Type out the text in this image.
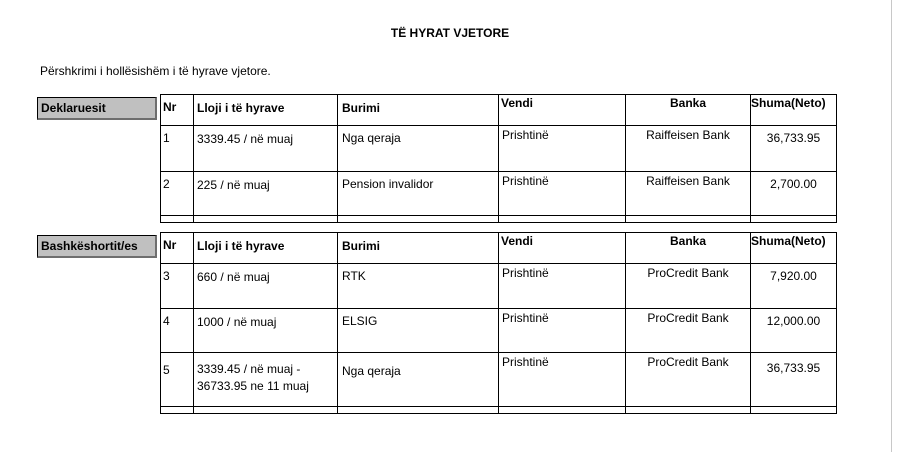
TË HYRAT VJETORE
Përshkrimi i hollësishëm i të hyrave vjetore.
Deklaruesit	Nr	Lloji i të hyrave	Burimi	Vendi	Banka	Shuma(Neto)
1	3339.45 / në muaj	Nga qeraja	Prishtinë	Raiffeisen Bank	36,733.95
2	225 / në muaj	Pension invalidor	Prishtinë	Raiffeisen Bank	2,700.00

Bashkëshortit/es	Nr	Lloji i të hyrave	Burimi	Vendi	Banka	Shuma(Neto)
3	660 / në muaj	RTK	Prishtinë	ProCredit Bank	7,920.00
4	1000 / në muaj	ELSIG	Prishtinë	ProCredit Bank	12,000.00
5	3339.45 / në muaj - 36733.95 ne 11 muaj	Nga qeraja	Prishtinë	ProCredit Bank	36,733.95
